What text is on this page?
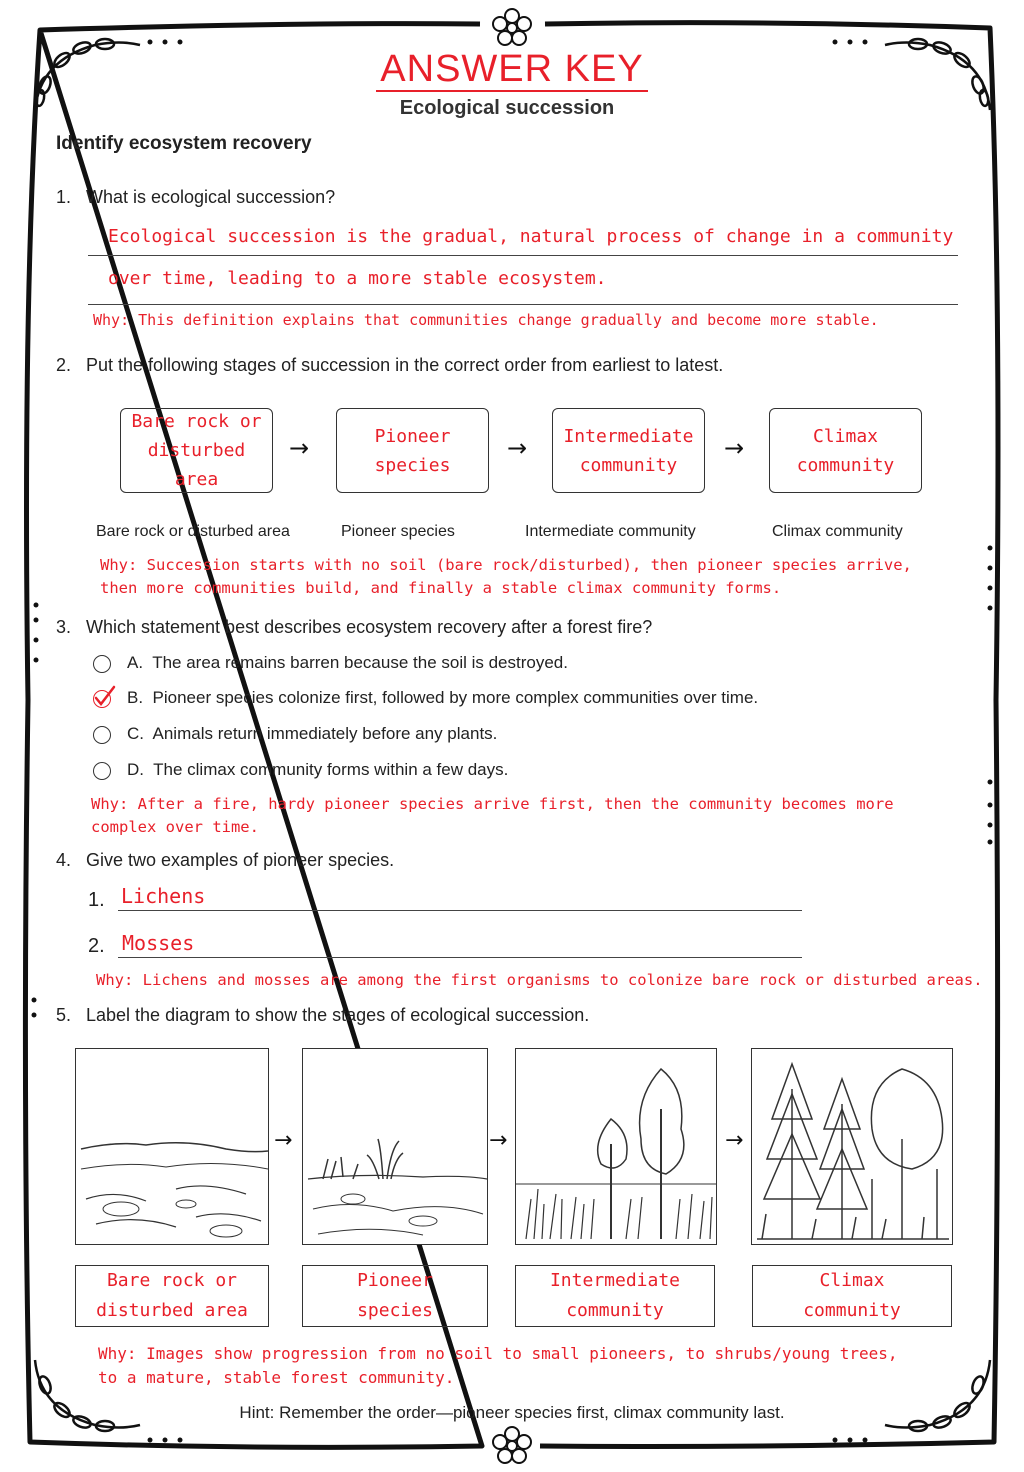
ANSWER KEY
Ecological succession
Identify ecosystem recovery
1. What is ecological succession?
Ecological succession is the gradual, natural process of change in a community
over time, leading to a more stable ecosystem.
Why: This definition explains that communities change gradually and become more stable.
2. Put the following stages of succession in the correct order from earliest to latest.
Bare rock or
disturbed area
→	Pioneer
species
→ Intermediate
community
→	Climax
community
Bare rock or disturbed area	Pioneer species	Intermediate community	Climax community
Why: Succession starts with no soil (bare rock/disturbed), then pioneer species arrive,
then more communities build, and finally a stable climax community forms.
3. Which statement best describes ecosystem recovery after a forest fire?
A. The area remains barren because the soil is destroyed.
B. Pioneer species colonize first, followed by more complex communities over time.
C. Animals return immediately before any plants.
D. The climax community forms within a few days.
Why: After a fire, hardy pioneer species arrive first, then the community becomes more
complex over time.
4. Give two examples of pioneer species.
1. Lichens
2. Mosses
Why: Lichens and mosses are among the first organisms to colonize bare rock or disturbed areas.
5. Label the diagram to show the stages of ecological succession.
→	→	→
Bare rock or
disturbed area
Pioneer
species
Intermediate
community
Climax
community
Why: Images show progression from no soil to small pioneers, to shrubs/young trees,
to a mature, stable forest community.
Hint: Remember the order—pioneer species first, climax community last.
